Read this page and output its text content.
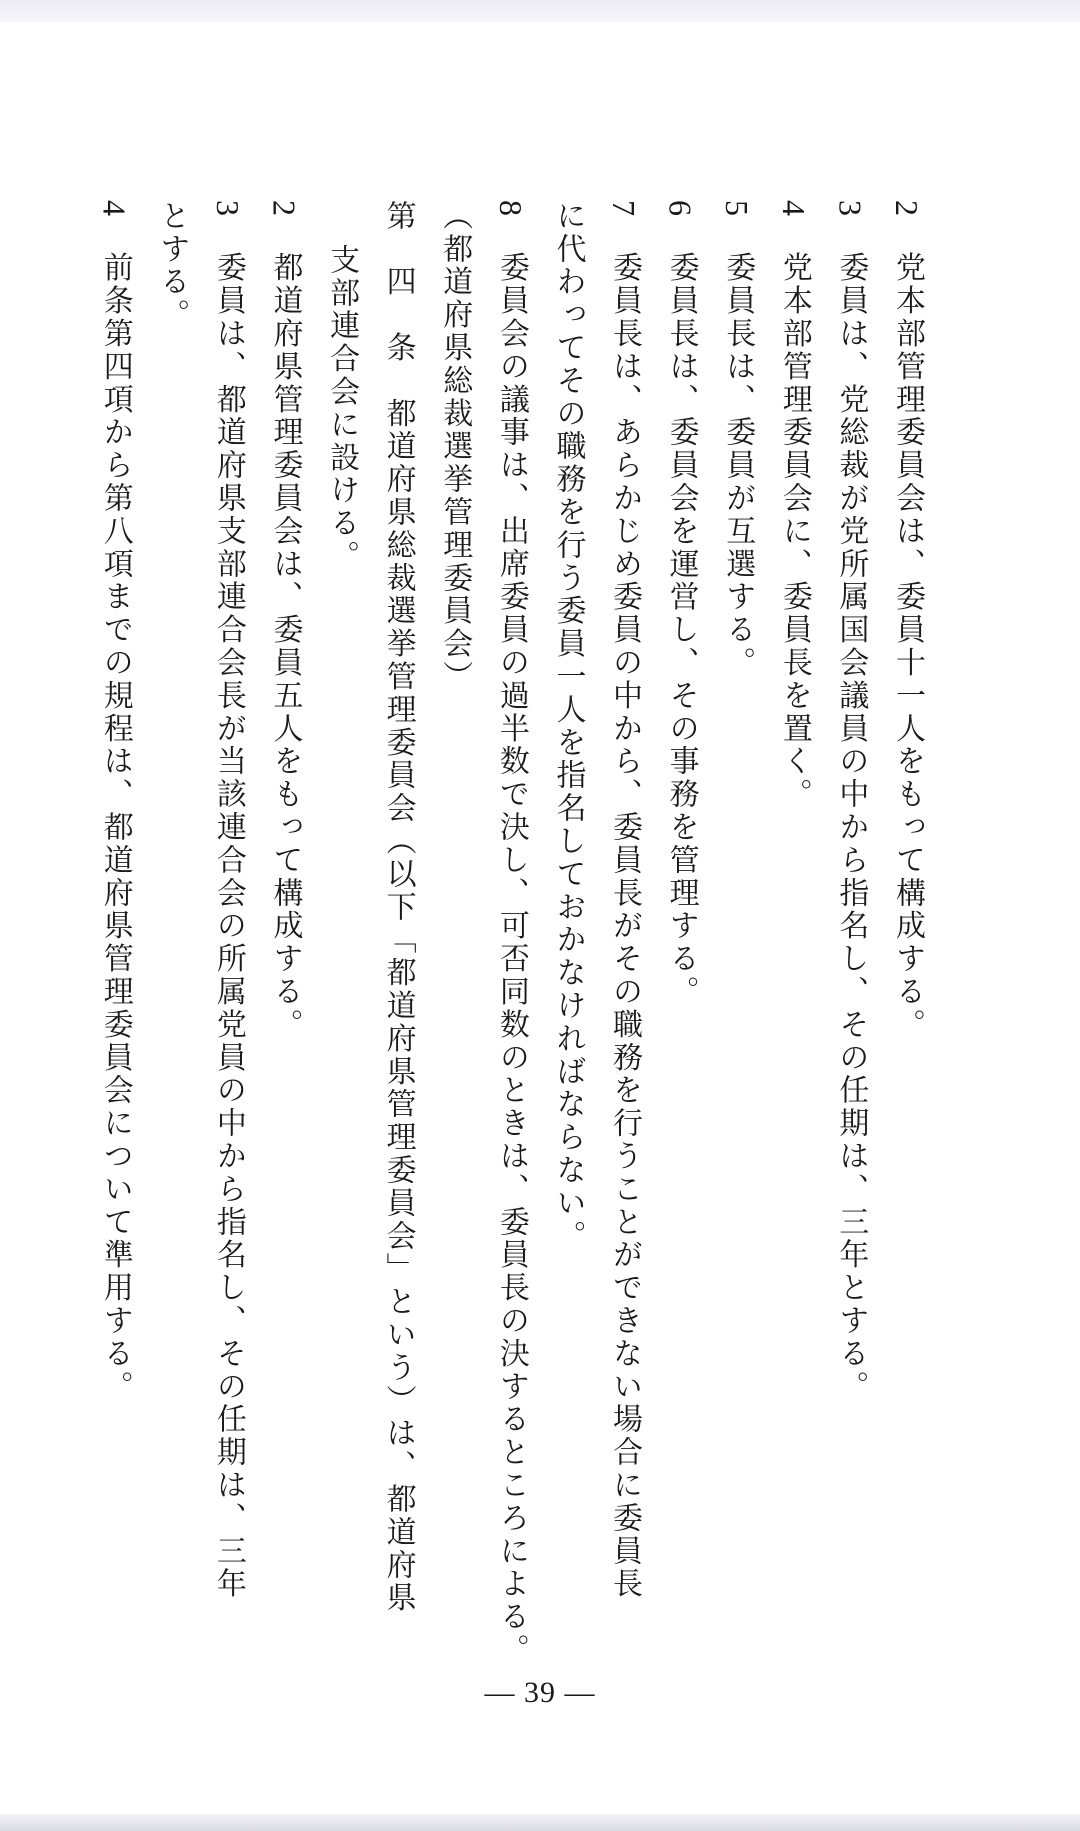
2　党本部管理委員会は、委員十一人をもって構成する。
3　委員は、党総裁が党所属国会議員の中から指名し、その任期は、三年とする。
4　党本部管理委員会に、委員長を置く。
5　委員長は、委員が互選する。
6　委員長は、委員会を運営し、その事務を管理する。
7　委員長は、あらかじめ委員の中から、委員長がその職務を行うことができない場合に委員長
に代わってその職務を行う委員一人を指名しておかなければならない。
8　委員会の議事は、出席委員の過半数で決し、可否同数のときは、委員長の決するところによる。
（都道府県総裁選挙管理委員会）
第　四　条　都道府県総裁選挙管理委員会（以下「都道府県管理委員会」という）は、都道府県
支部連合会に設ける。
2　都道府県管理委員会は、委員五人をもって構成する。
3　委員は、都道府県支部連合会長が当該連合会の所属党員の中から指名し、その任期は、三年
とする。
4　前条第四項から第八項までの規程は、都道府県管理委員会について準用する。
― 39 ―
